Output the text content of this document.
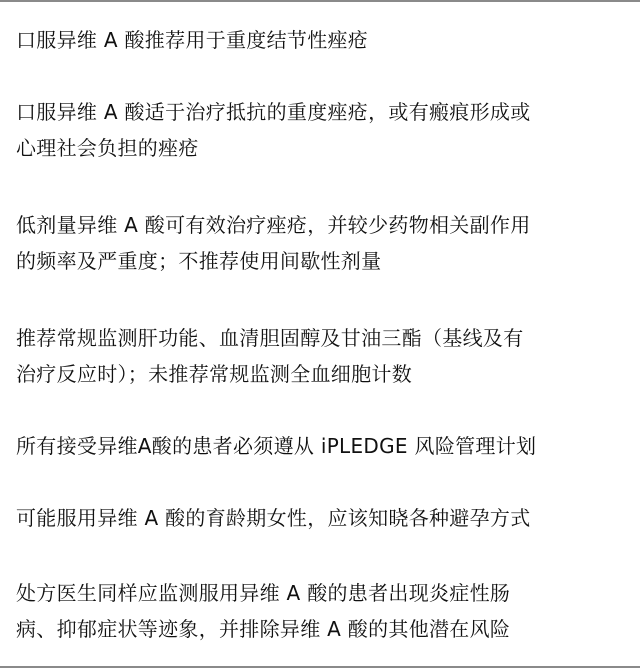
口服异维 A 酸推荐用于重度结节性痤疮
口服异维 A 酸适于治疗抵抗的重度痤疮，或有瘢痕形成或
心理社会负担的痤疮
低剂量异维 A 酸可有效治疗痤疮，并较少药物相关副作用
的频率及严重度；不推荐使用间歇性剂量
推荐常规监测肝功能、血清胆固醇及甘油三酯（基线及有
治疗反应时）；未推荐常规监测全血细胞计数
所有接受异维A酸的患者必须遵从 iPLEDGE 风险管理计划
可能服用异维 A 酸的育龄期女性，应该知晓各种避孕方式
处方医生同样应监测服用异维 A 酸的患者出现炎症性肠
病、抑郁症状等迹象，并排除异维 A 酸的其他潜在风险
